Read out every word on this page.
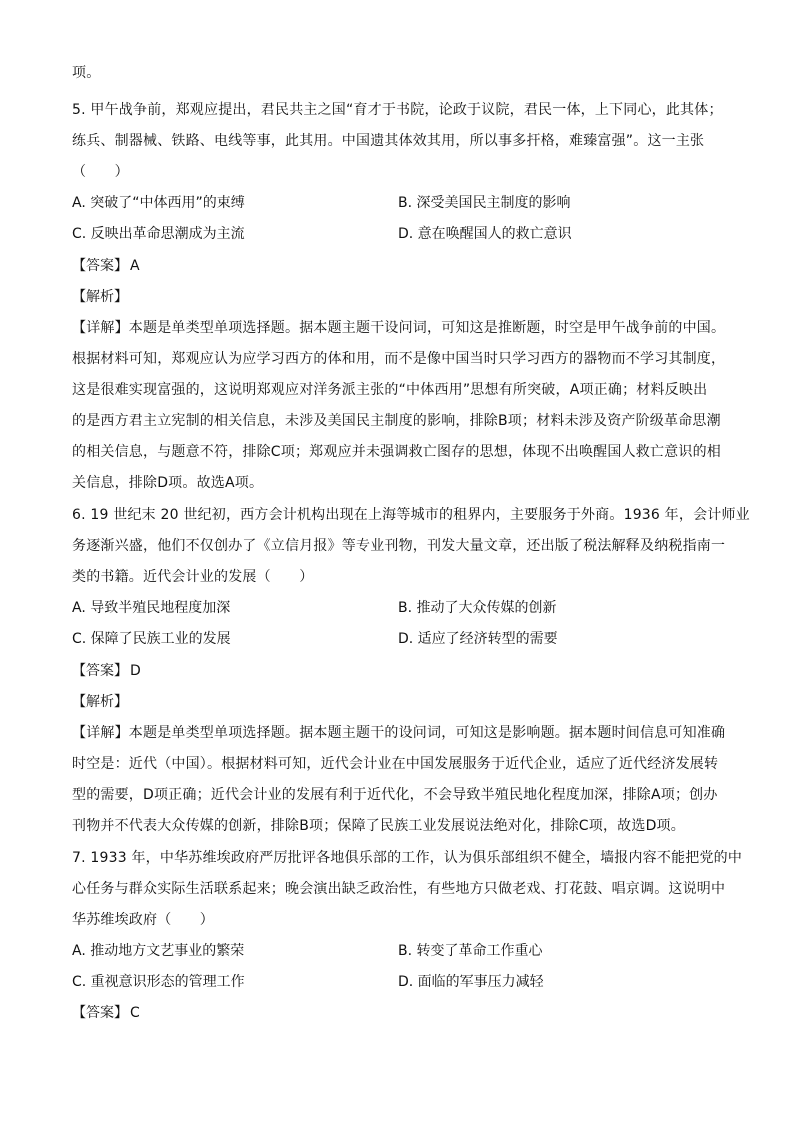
项。
5. 甲午战争前，郑观应提出，君民共主之国“育才于书院，论政于议院，君民一体，上下同心，此其体；
练兵、制器械、铁路、电线等事，此其用。中国遗其体效其用，所以事多扞格，难臻富强”。这一主张
（　　）
A. 突破了“中体西用”的束缚	B. 深受美国民主制度的影响
C. 反映出革命思潮成为主流	D. 意在唤醒国人的救亡意识
【答案】 A
【解析】
【详解】本题是单类型单项选择题。据本题主题干设问词，可知这是推断题，时空是甲午战争前的中国。
根据材料可知，郑观应认为应学习西方的体和用，而不是像中国当时只学习西方的器物而不学习其制度，
这是很难实现富强的，这说明郑观应对洋务派主张的“中体西用”思想有所突破，A项正确；材料反映出
的是西方君主立宪制的相关信息，未涉及美国民主制度的影响，排除B项；材料未涉及资产阶级革命思潮
的相关信息，与题意不符，排除C项；郑观应并未强调救亡图存的思想，体现不出唤醒国人救亡意识的相
关信息，排除D项。故选A项。
6. 19 世纪末 20 世纪初，西方会计机构出现在上海等城市的租界内，主要服务于外商。1936 年，会计师业
务逐渐兴盛，他们不仅创办了《立信月报》等专业刊物，刊发大量文章，还出版了税法解释及纳税指南一
类的书籍。近代会计业的发展（　　）
A. 导致半殖民地程度加深	B. 推动了大众传媒的创新
C. 保障了民族工业的发展	D. 适应了经济转型的需要
【答案】 D
【解析】
【详解】本题是单类型单项选择题。据本题主题干的设问词，可知这是影响题。据本题时间信息可知准确
时空是：近代（中国）。根据材料可知，近代会计业在中国发展服务于近代企业，适应了近代经济发展转
型的需要，D项正确；近代会计业的发展有利于近代化，不会导致半殖民地化程度加深，排除A项；创办
刊物并不代表大众传媒的创新，排除B项；保障了民族工业发展说法绝对化，排除C项，故选D项。
7. 1933 年，中华苏维埃政府严厉批评各地俱乐部的工作，认为俱乐部组织不健全，墙报内容不能把党的中
心任务与群众实际生活联系起来；晚会演出缺乏政治性，有些地方只做老戏、打花鼓、唱京调。这说明中
华苏维埃政府（　　）
A. 推动地方文艺事业的繁荣	B. 转变了革命工作重心
C. 重视意识形态的管理工作	D. 面临的军事压力减轻
【答案】 C
